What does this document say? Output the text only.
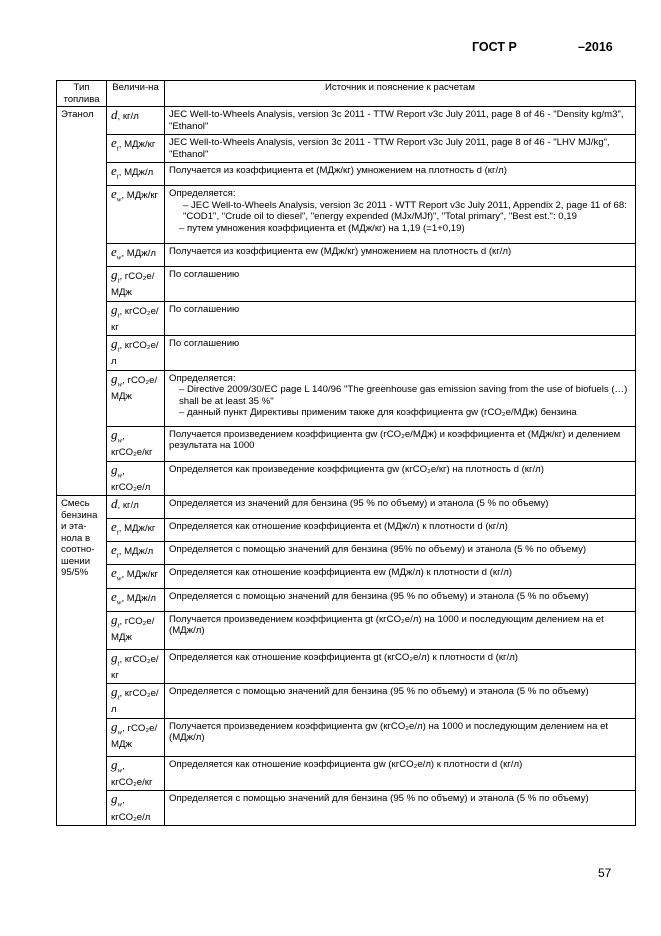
ГОСТ Р	–2016
Тип топлива	Величи-на	Источник и пояснение к расчетам
Этанол	d, кг/л	JEC Well-to-Wheels Analysis, version 3c 2011 - TTW Report v3c July 2011, page 8 of 46 - "Density kg/m3", "Ethanol"

	$e_t$, МДж/кг	JEC Well-to-Wheels Analysis, version 3c 2011 - TTW Report v3c July 2011, page 8 of 46 - "LHV MJ/kg", "Ethanol"

	$e_t$, МДж/л	Получается из коэффициента et (МДж/кг) умножением на плотность d (кг/л)

	$e_w$, МДж/кг	Определяется:
– JEC Well-to-Wheels Analysis, version 3c 2011 - WTT Report v3c July 2011, Appendix 2, page 11 of 68: "COD1", "Crude oil to diesel", "energy expended (MJx/MJf)", "Total primary", "Best est.": 0,19
– путем умножения коэффициента et (МДж/кг) на 1,19 (=1+0,19)

	$e_w$, МДж/л	Получается из коэффициента ew (МДж/кг) умножением на плотность d (кг/л)

	$g_t$, гCO₂е/МДж	По соглашению

	$g_t$, кгCO₂е/кг	По соглашению

	$g_t$, кгCO₂е/л	По соглашению

	$g_w$, гCO₂е/МДж	Определяется:
– Directive 2009/30/EC page L 140/96 "The greenhouse gas emission saving from the use of biofuels (…) shall be at least 35 %"
– данный пункт Директивы применим также для коэффициента gw (гCO₂е/МДж) бензина

	$g_w$, кгCO₂е/кг	Получается произведением коэффициента gw (гCO₂е/МДж) и коэффициента et (МДж/кг) и делением результата на 1000

	$g_w$, кгCO₂е/л	Определяется как произведение коэффициента gw (кгCO₂е/кг) на плотность d (кг/л)

Смесь бензина и эта-нола в соотно-шении 95/5%	d, кг/л	Определяется из значений для бензина (95 % по объему) и этанола (5 % по объему)

	$e_t$, МДж/кг	Определяется как отношение коэффициента et (МДж/л) к плотности d (кг/л)

	$e_t$, МДж/л	Определяется с помощью значений для бензина (95% по объему) и этанола (5 % по объему)

	$e_w$, МДж/кг	Определяется как отношение коэффициента ew (МДж/л) к плотности d (кг/л)

	$e_w$, МДж/л	Определяется с помощью значений для бензина (95 % по объему) и этанола (5 % по объему)

	$g_t$, гCO₂е/МДж	Получается произведением коэффициента gt (кгCO₂е/л) на 1000 и последующим делением на et (МДж/л)

	$g_t$, кгCO₂е/кг	Определяется как отношение коэффициента gt (кгCO₂е/л) к плотности d (кг/л)

	$g_t$, кгCO₂е/л	Определяется с помощью значений для бензина (95 % по объему) и этанола (5 % по объему)

	$g_w$, гCO₂е/МДж	Получается произведением коэффициента gw (кгCO₂е/л) на 1000 и последующим делением на et (МДж/л)

	$g_w$, кгCO₂е/кг	Определяется как отношение коэффициента gw (кгCO₂е/л) к плотности d (кг/л)

	$g_w$, кгCO₂е/л	Определяется с помощью значений для бензина (95 % по объему) и этанола (5 % по объему)
57
